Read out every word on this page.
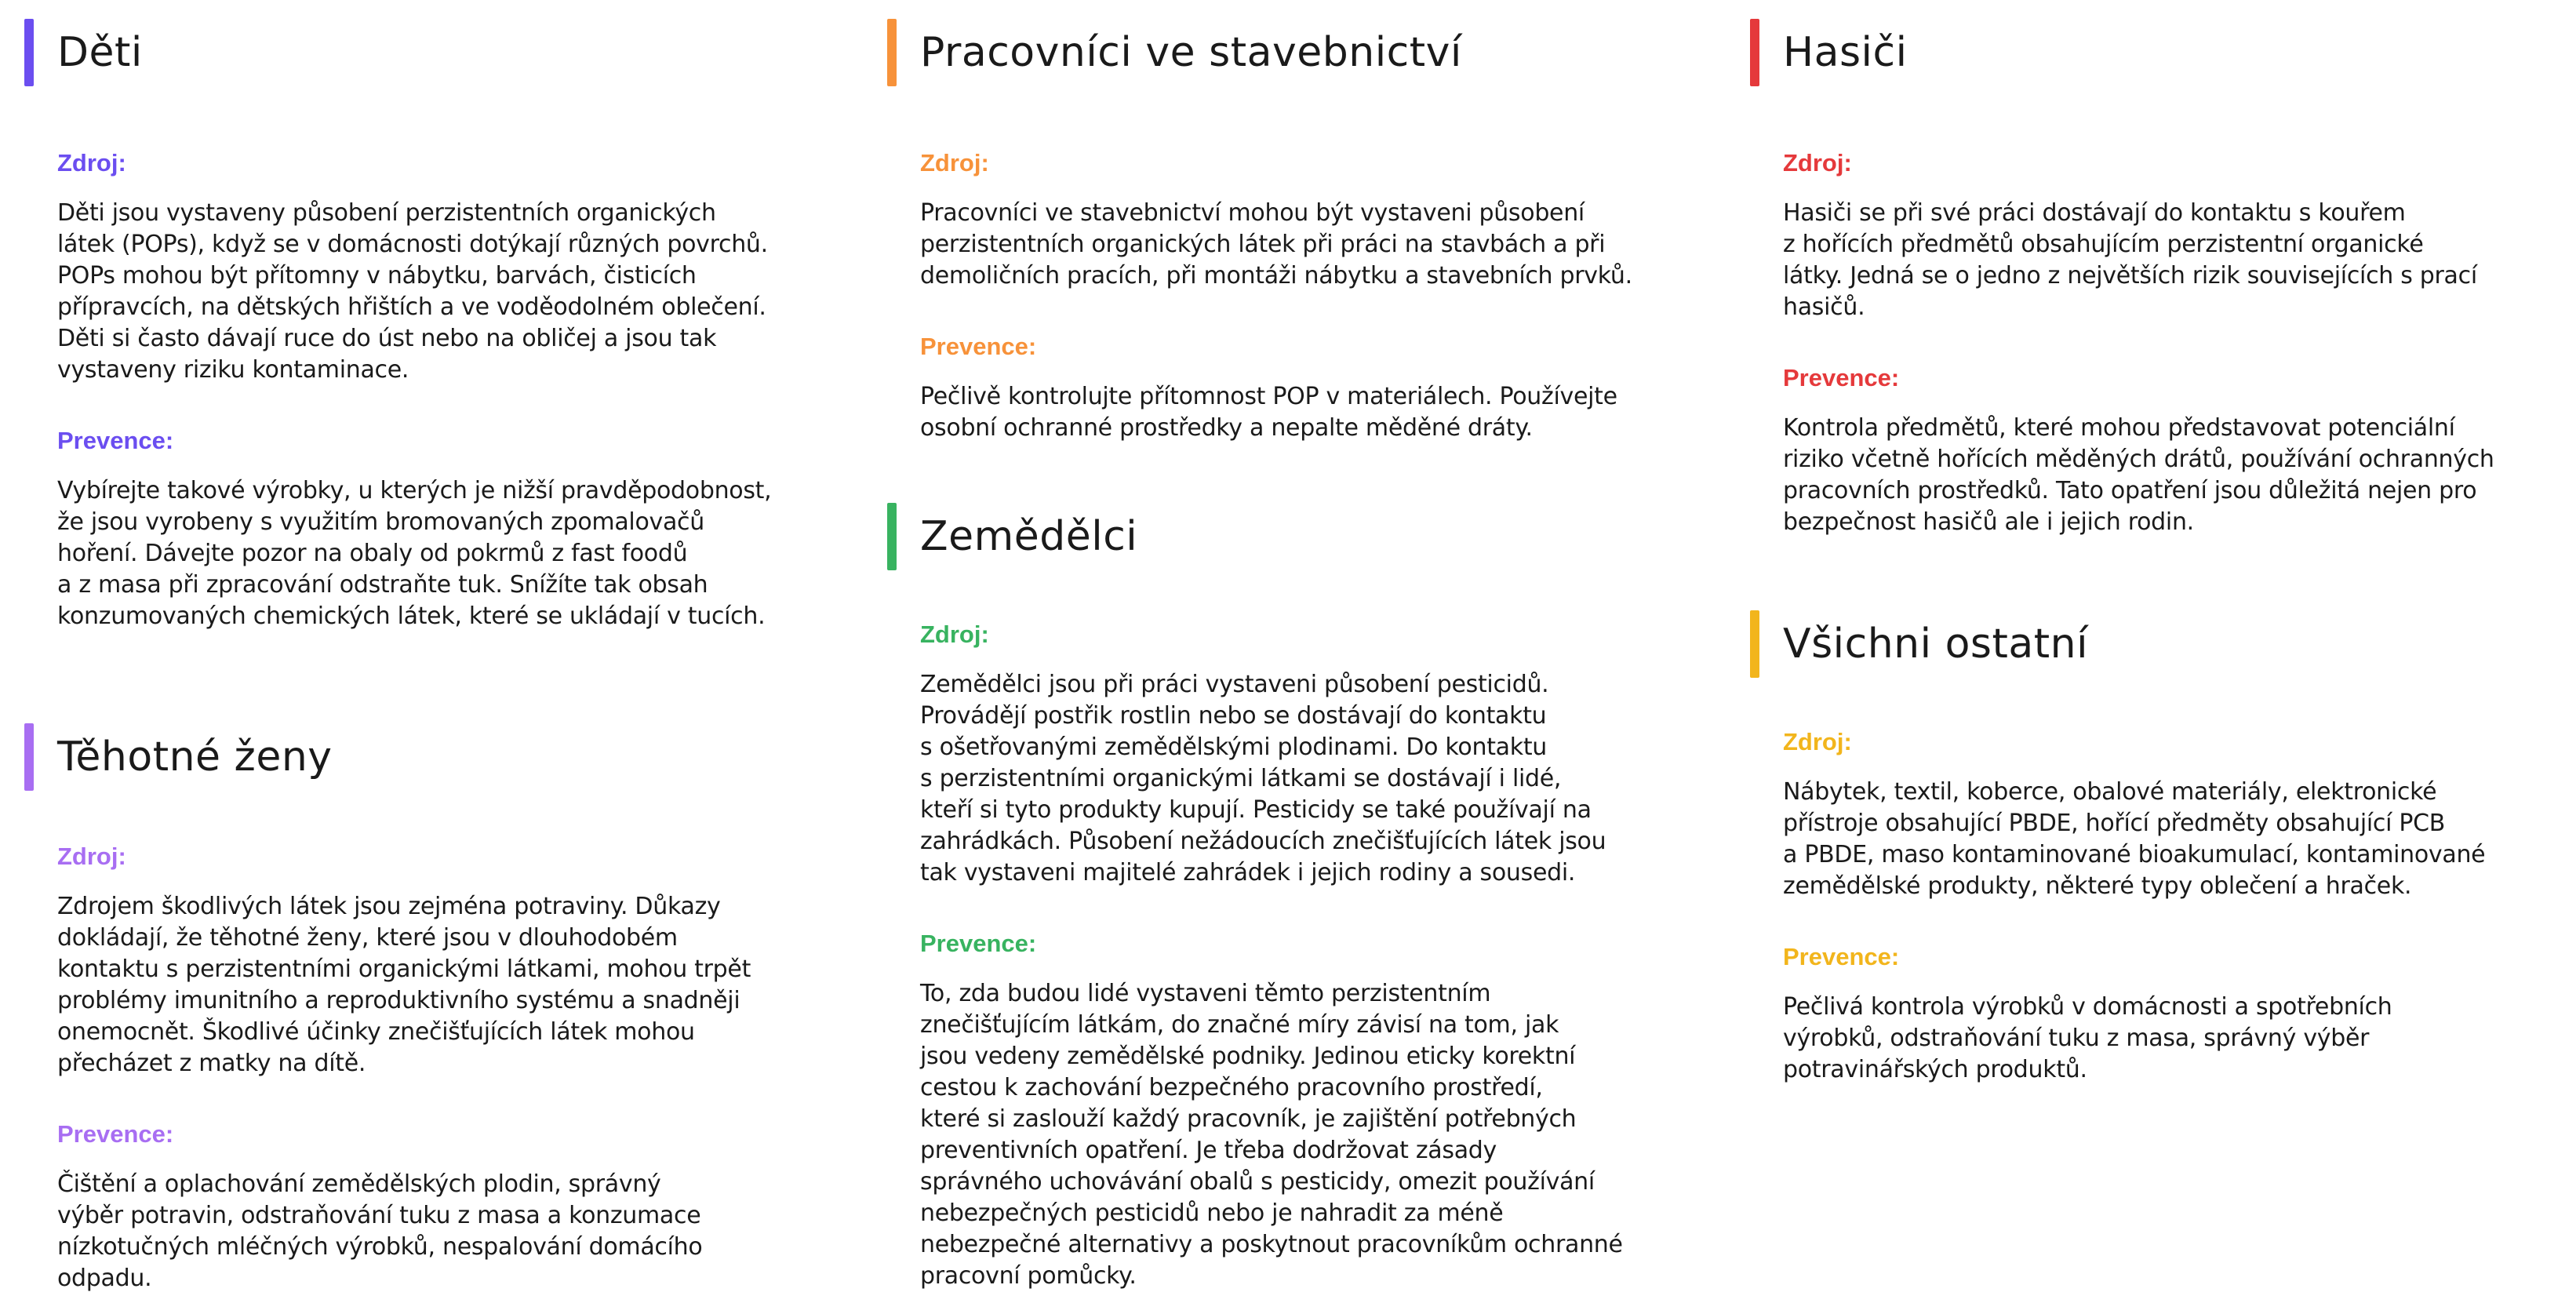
Děti

Zdroj:

Děti jsou vystaveny působení perzistentních organických
látek (POPs), když se v domácnosti dotýkají různých povrchů.
POPs mohou být přítomny v nábytku, barvách, čisticích
přípravcích, na dětských hřištích a ve voděodolném oblečení.
Děti si často dávají ruce do úst nebo na obličej a jsou tak
vystaveny riziku kontaminace.

Prevence:

Vybírejte takové výrobky, u kterých je nižší pravděpodobnost,
že jsou vyrobeny s využitím bromovaných zpomalovačů
hoření. Dávejte pozor na obaly od pokrmů z fast foodů
a z masa při zpracování odstraňte tuk. Snížíte tak obsah
konzumovaných chemických látek, které se ukládají v tucích.

Těhotné ženy

Zdroj:

Zdrojem škodlivých látek jsou zejména potraviny. Důkazy
dokládají, že těhotné ženy, které jsou v dlouhodobém
kontaktu s perzistentními organickými látkami, mohou trpět
problémy imunitního a reproduktivního systému a snadněji
onemocnět. Škodlivé účinky znečišťujících látek mohou
přecházet z matky na dítě.

Prevence:

Čištění a oplachování zemědělských plodin, správný
výběr potravin, odstraňování tuku z masa a konzumace
nízkotučných mléčných výrobků, nespalování domácího
odpadu.

Pracovníci ve stavebnictví

Zdroj:

Pracovníci ve stavebnictví mohou být vystaveni působení
perzistentních organických látek při práci na stavbách a při
demoličních pracích, při montáži nábytku a stavebních prvků.

Prevence:

Pečlivě kontrolujte přítomnost POP v materiálech. Používejte
osobní ochranné prostředky a nepalte měděné dráty.

Zemědělci

Zdroj:

Zemědělci jsou při práci vystaveni působení pesticidů.
Provádějí postřik rostlin nebo se dostávají do kontaktu
s ošetřovanými zemědělskými plodinami. Do kontaktu
s perzistentními organickými látkami se dostávají i lidé,
kteří si tyto produkty kupují. Pesticidy se také používají na
zahrádkách. Působení nežádoucích znečišťujících látek jsou
tak vystaveni majitelé zahrádek i jejich rodiny a sousedi.

Prevence:

To, zda budou lidé vystaveni těmto perzistentním
znečišťujícím látkám, do značné míry závisí na tom, jak
jsou vedeny zemědělské podniky. Jedinou eticky korektní
cestou k zachování bezpečného pracovního prostředí,
které si zaslouží každý pracovník, je zajištění potřebných
preventivních opatření. Je třeba dodržovat zásady
správného uchovávání obalů s pesticidy, omezit používání
nebezpečných pesticidů nebo je nahradit za méně
nebezpečné alternativy a poskytnout pracovníkům ochranné
pracovní pomůcky.

Hasiči

Zdroj:

Hasiči se při své práci dostávají do kontaktu s kouřem
z hořících předmětů obsahujícím perzistentní organické
látky. Jedná se o jedno z největších rizik souvisejících s prací
hasičů.

Prevence:

Kontrola předmětů, které mohou představovat potenciální
riziko včetně hořících měděných drátů, používání ochranných
pracovních prostředků. Tato opatření jsou důležitá nejen pro
bezpečnost hasičů ale i jejich rodin.

Všichni ostatní

Zdroj:

Nábytek, textil, koberce, obalové materiály, elektronické
přístroje obsahující PBDE, hořící předměty obsahující PCB
a PBDE, maso kontaminované bioakumulací, kontaminované
zemědělské produkty, některé typy oblečení a hraček.

Prevence:

Pečlivá kontrola výrobků v domácnosti a spotřebních
výrobků, odstraňování tuku z masa, správný výběr
potravinářských produktů.
